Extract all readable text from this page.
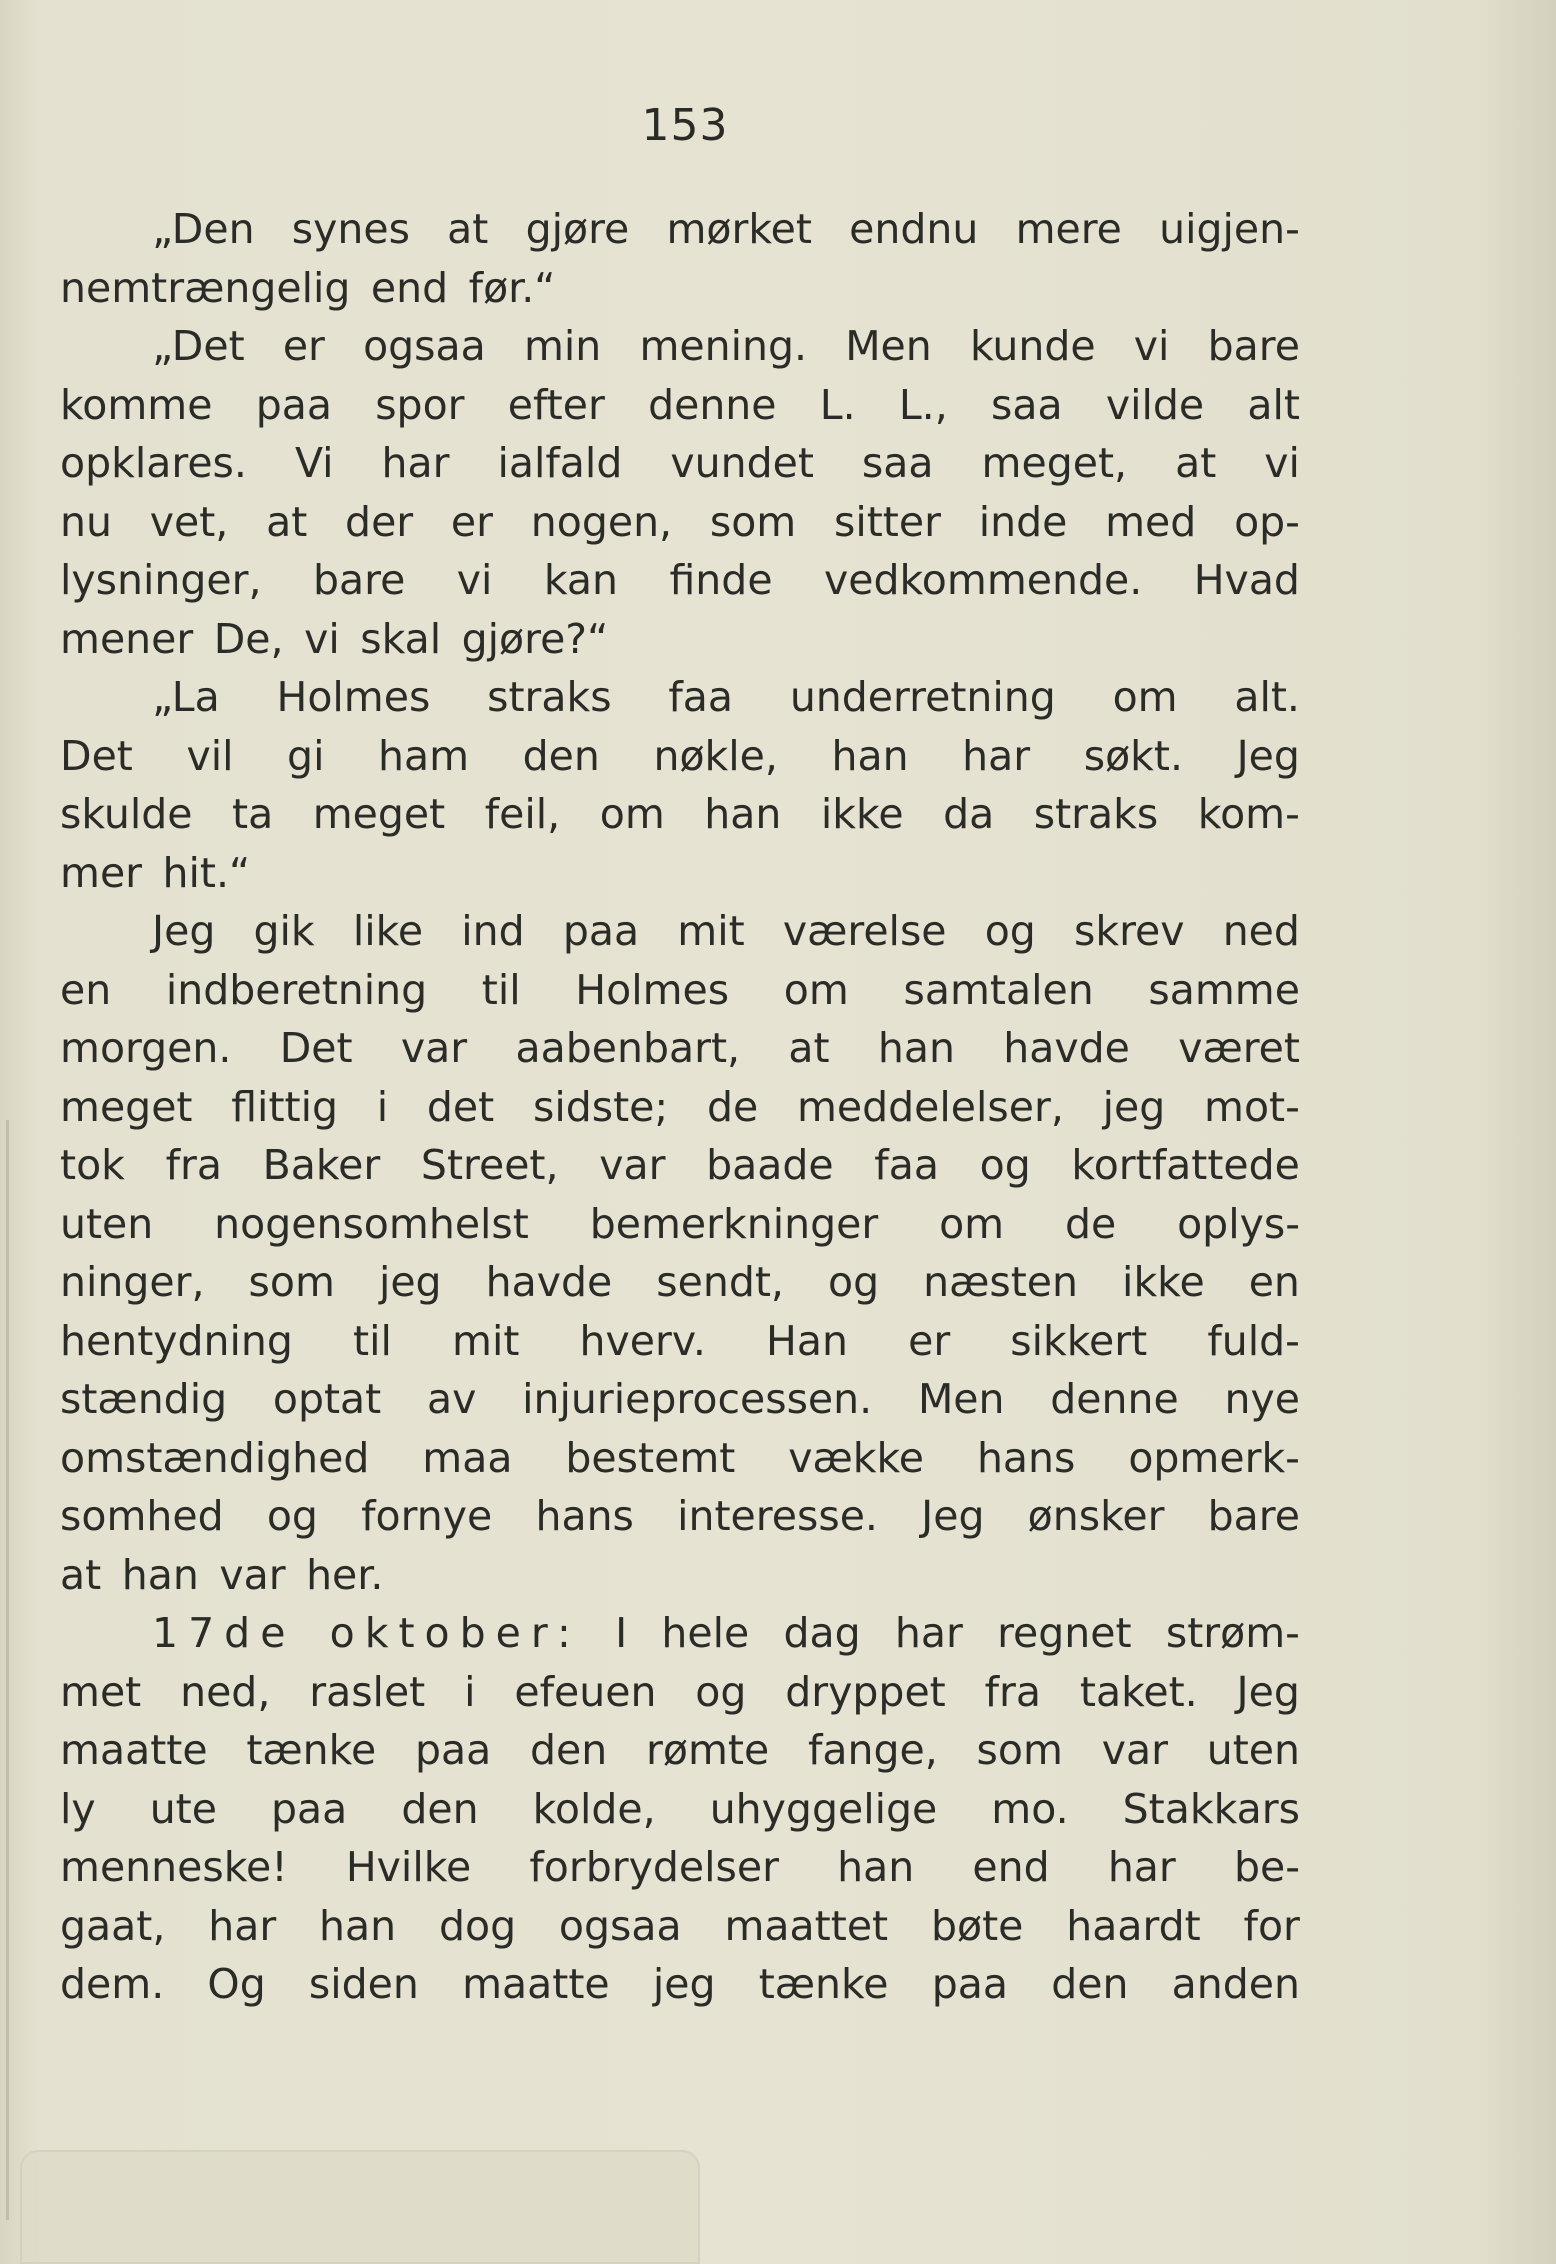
153
„Den synes at gjøre mørket endnu mere uigjen-
nemtrængelig end før.“
„Det er ogsaa min mening. Men kunde vi bare
komme paa spor efter denne L. L., saa vilde alt
opklares. Vi har ialfald vundet saa meget, at vi
nu vet, at der er nogen, som sitter inde med op-
lysninger, bare vi kan finde vedkommende. Hvad
mener De, vi skal gjøre?“
„La Holmes straks faa underretning om alt.
Det vil gi ham den nøkle, han har søkt. Jeg
skulde ta meget feil, om han ikke da straks kom-
mer hit.“
Jeg gik like ind paa mit værelse og skrev ned
en indberetning til Holmes om samtalen samme
morgen. Det var aabenbart, at han havde været
meget flittig i det sidste; de meddelelser, jeg mot-
tok fra Baker Street, var baade faa og kortfattede
uten nogensomhelst bemerkninger om de oplys-
ninger, som jeg havde sendt, og næsten ikke en
hentydning til mit hverv. Han er sikkert fuld-
stændig optat av injurieprocessen. Men denne nye
omstændighed maa bestemt vække hans opmerk-
somhed og fornye hans interesse. Jeg ønsker bare
at han var her.
17de oktober: I hele dag har regnet strøm-
met ned, raslet i efeuen og dryppet fra taket. Jeg
maatte tænke paa den rømte fange, som var uten
ly ute paa den kolde, uhyggelige mo. Stakkars
menneske! Hvilke forbrydelser han end har be-
gaat, har han dog ogsaa maattet bøte haardt for
dem. Og siden maatte jeg tænke paa den anden
